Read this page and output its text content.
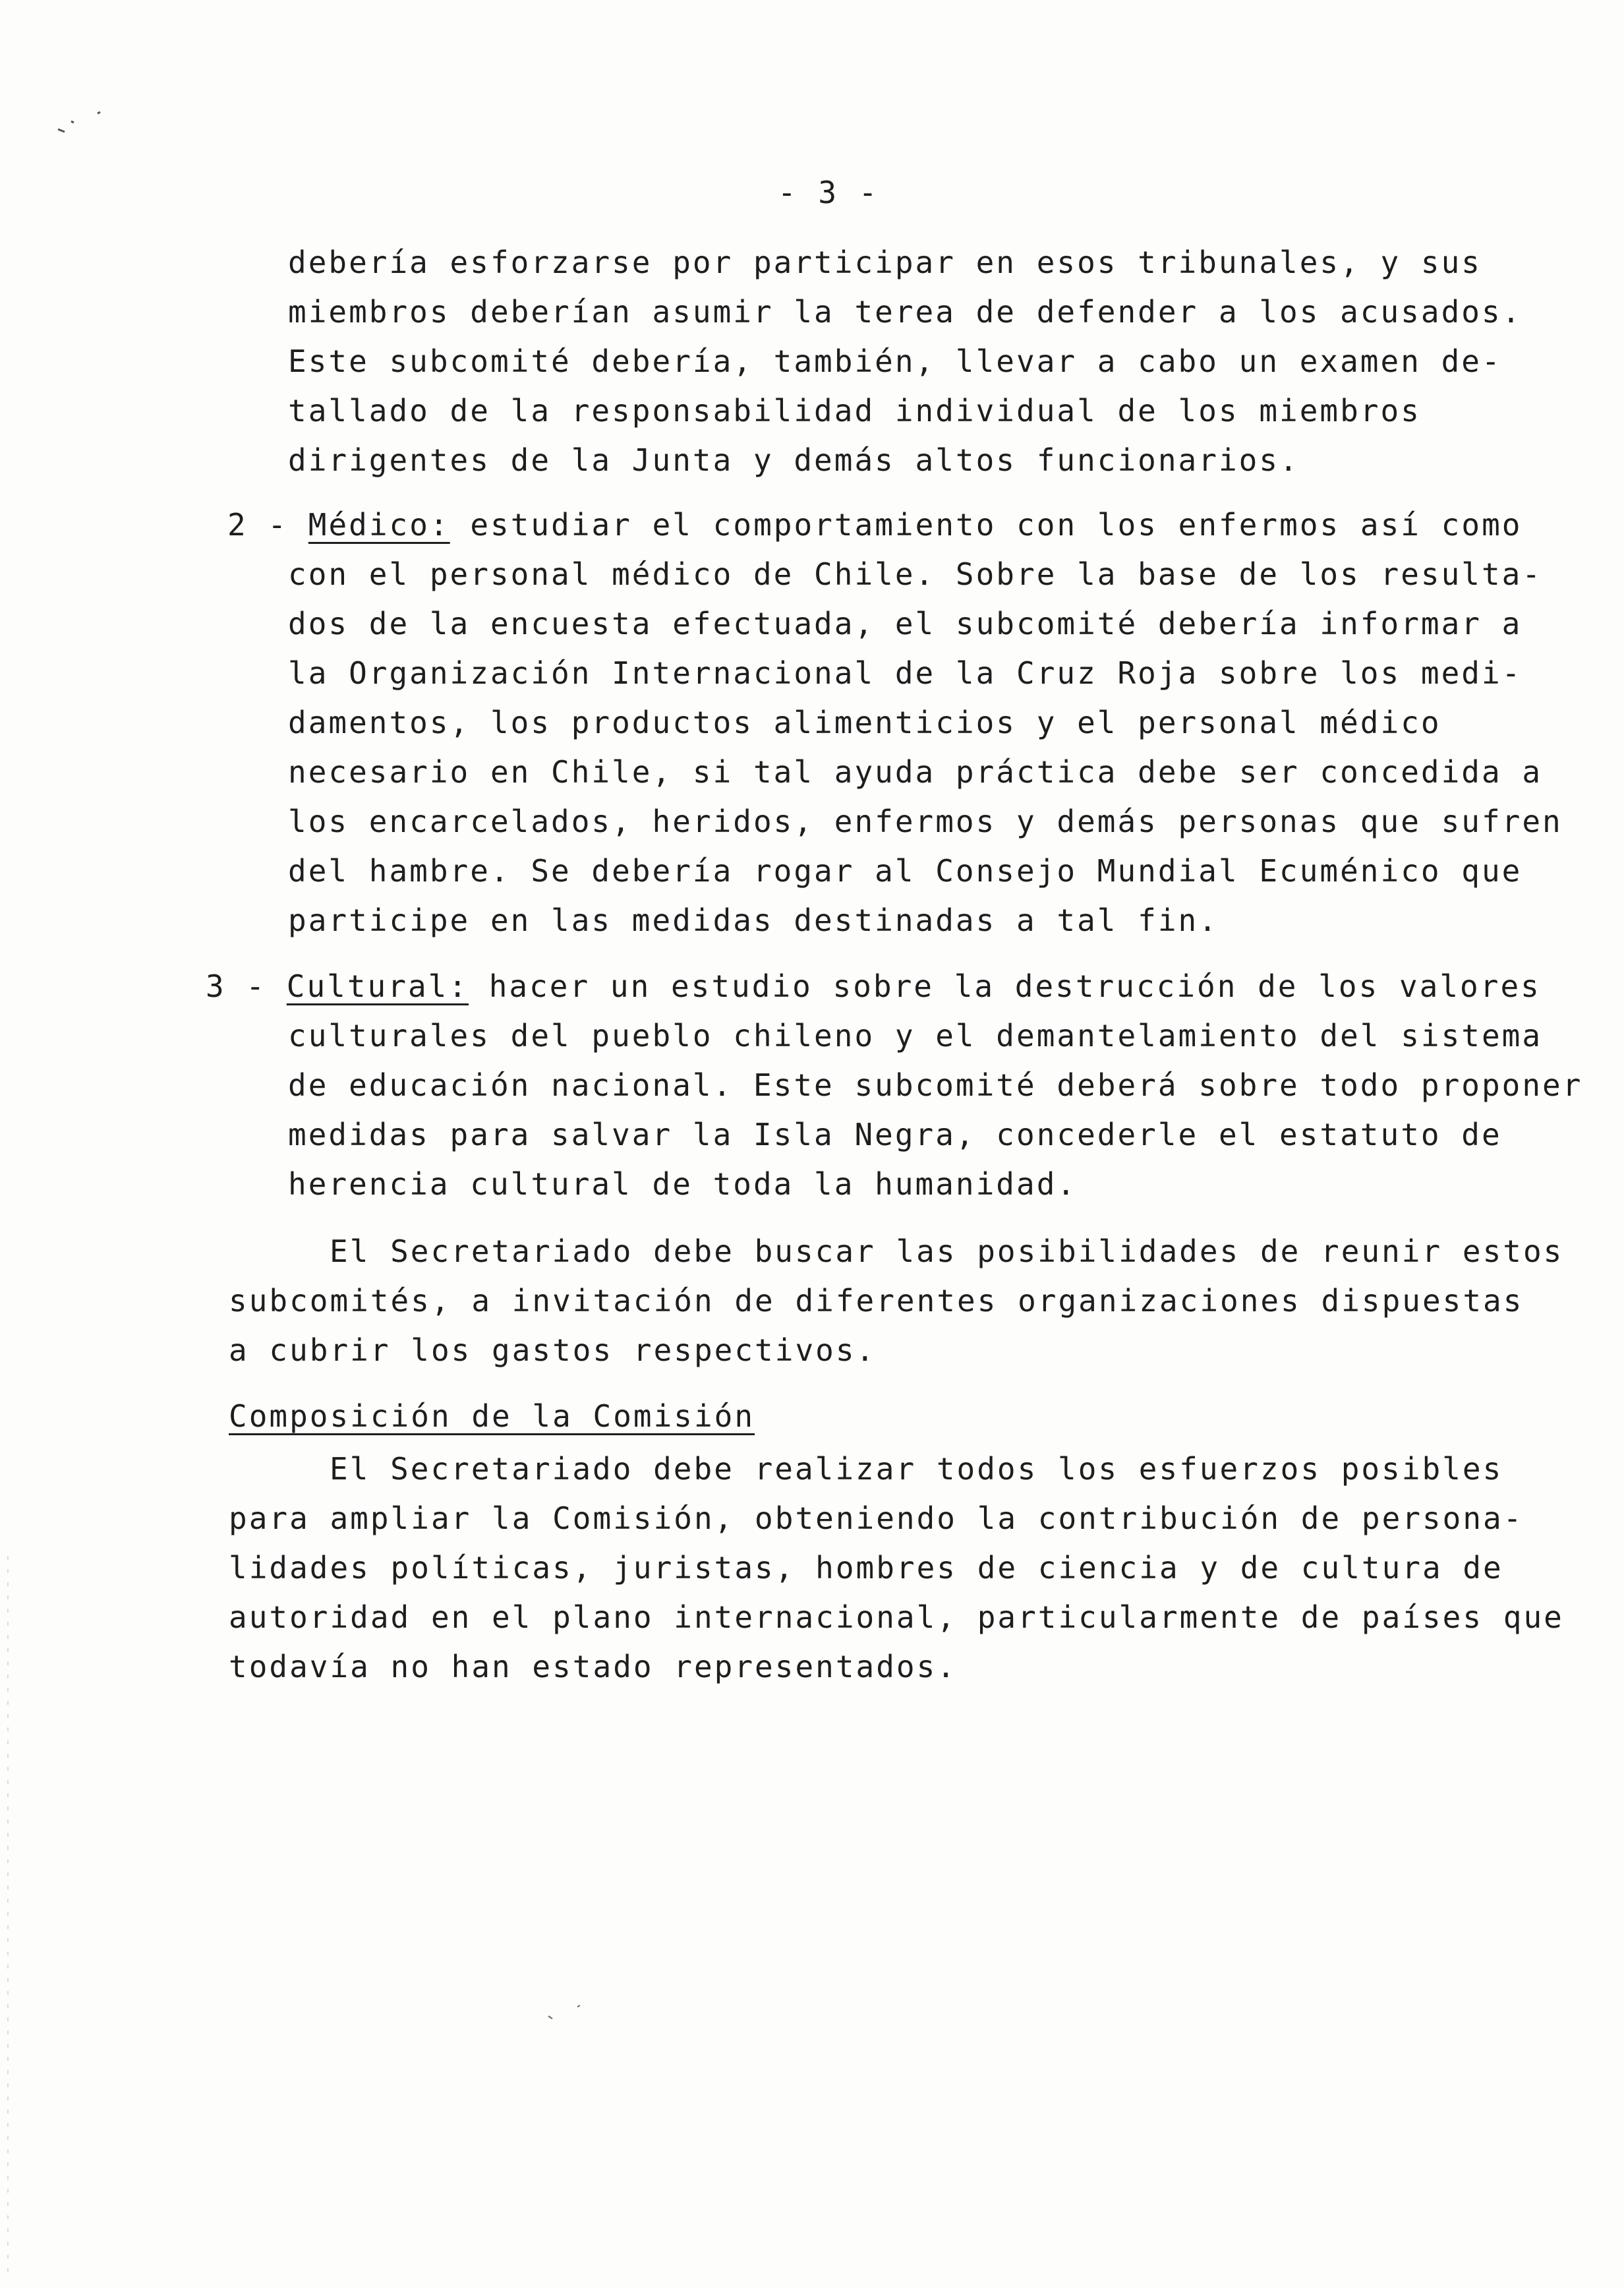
- 3 -
debería esforzarse por participar en esos tribunales, y sus
miembros deberían asumir la terea de defender a los acusados.
Este subcomité debería, también, llevar a cabo un examen de-
tallado de la responsabilidad individual de los miembros
dirigentes de la Junta y demás altos funcionarios.
2 - Médico: estudiar el comportamiento con los enfermos así como
con el personal médico de Chile. Sobre la base de los resulta-
dos de la encuesta efectuada, el subcomité debería informar a
la Organización Internacional de la Cruz Roja sobre los medi-
damentos, los productos alimenticios y el personal médico
necesario en Chile, si tal ayuda práctica debe ser concedida a
los encarcelados, heridos, enfermos y demás personas que sufren
del hambre. Se debería rogar al Consejo Mundial Ecuménico que
participe en las medidas destinadas a tal fin.
3 - Cultural: hacer un estudio sobre la destrucción de los valores
culturales del pueblo chileno y el demantelamiento del sistema
de educación nacional. Este subcomité deberá sobre todo proponer
medidas para salvar la Isla Negra, concederle el estatuto de
herencia cultural de toda la humanidad.
El Secretariado debe buscar las posibilidades de reunir estos
subcomités, a invitación de diferentes organizaciones dispuestas
a cubrir los gastos respectivos.
Composición de la Comisión
El Secretariado debe realizar todos los esfuerzos posibles
para ampliar la Comisión, obteniendo la contribución de persona-
lidades políticas, juristas, hombres de ciencia y de cultura de
autoridad en el plano internacional, particularmente de países que
todavía no han estado representados.
